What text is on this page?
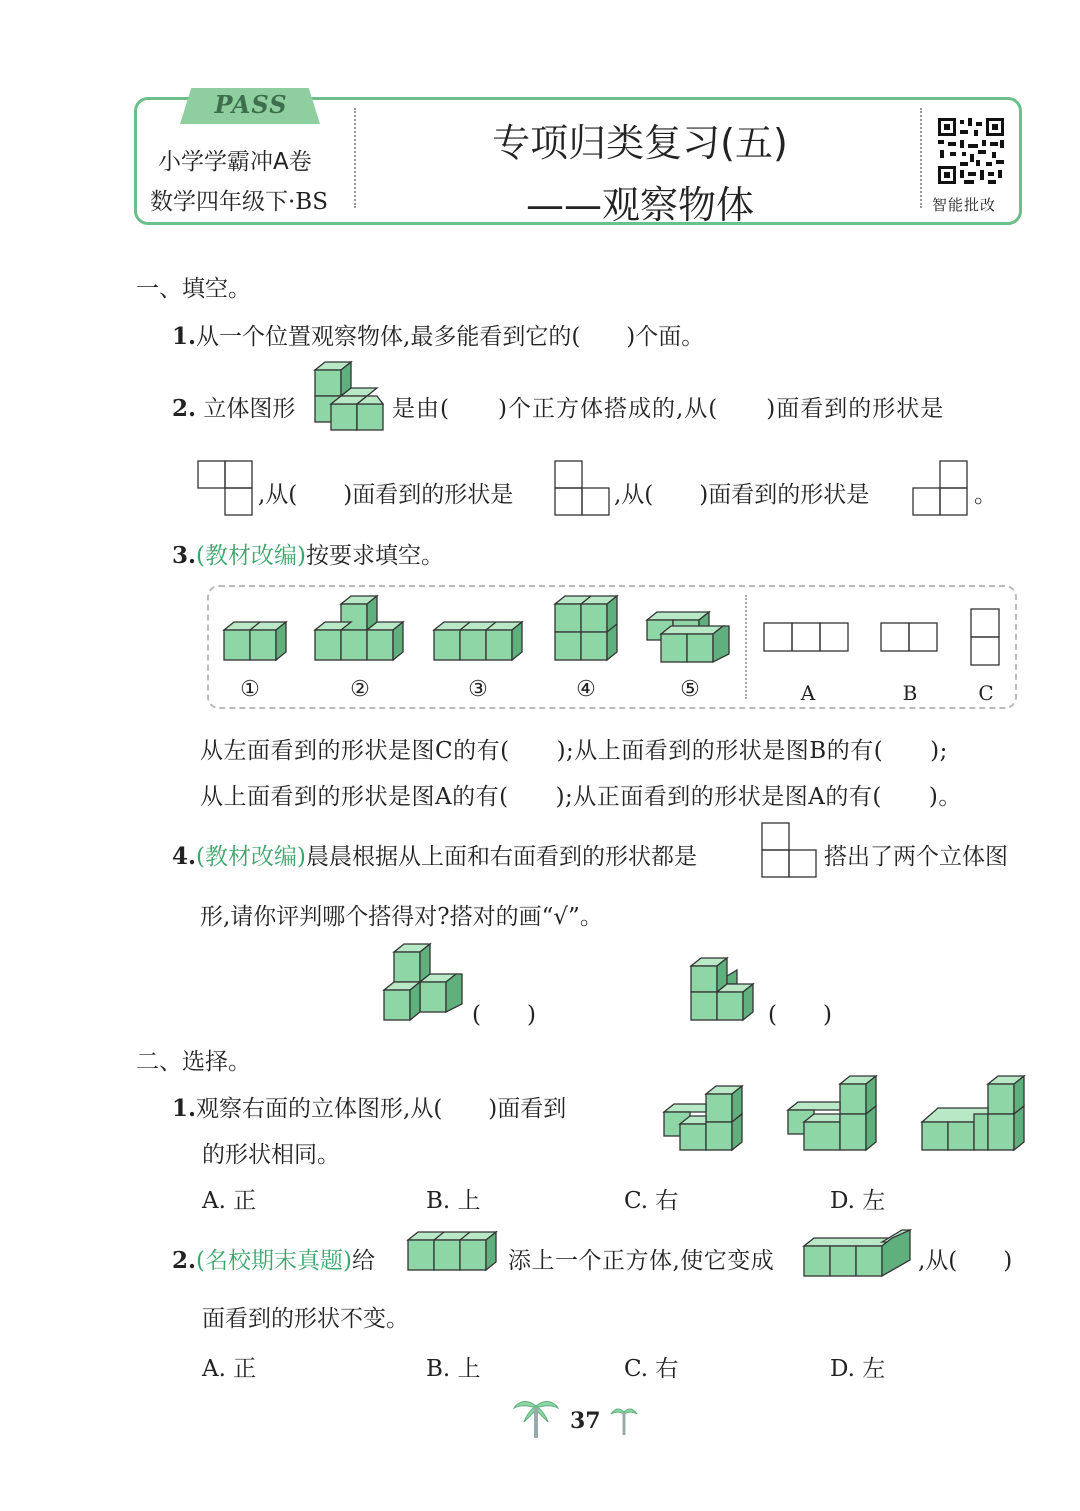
PASS
小学学霸冲A卷
数学四年级下·BS
专项归类复习(五)
——观察物体	智能批改
一、填空。
1.从一个位置观察物体,最多能看到它的(　　)个面。
2. 立体图形	是由(　　)个正方体搭成的,从(　　)面看到的形状是
,从(　　)面看到的形状是	,从(　　)面看到的形状是	。
3.(教材改编)按要求填空。
①	②	③	④	⑤	A	B	C
从左面看到的形状是图C的有(　　);从上面看到的形状是图B的有(　　);
从上面看到的形状是图A的有(　　);从正面看到的形状是图A的有(　　)。
4.(教材改编)晨晨根据从上面和右面看到的形状都是	搭出了两个立体图
形,请你评判哪个搭得对?搭对的画“√”。
(　　)	(　　)
二、选择。
1.观察右面的立体图形,从(　　)面看到
的形状相同。
A. 正	B. 上	C. 右	D. 左
2.(名校期末真题)给	添上一个正方体,使它变成	,从(　　)
面看到的形状不变。
A. 正	B. 上	C. 右	D. 左
37
